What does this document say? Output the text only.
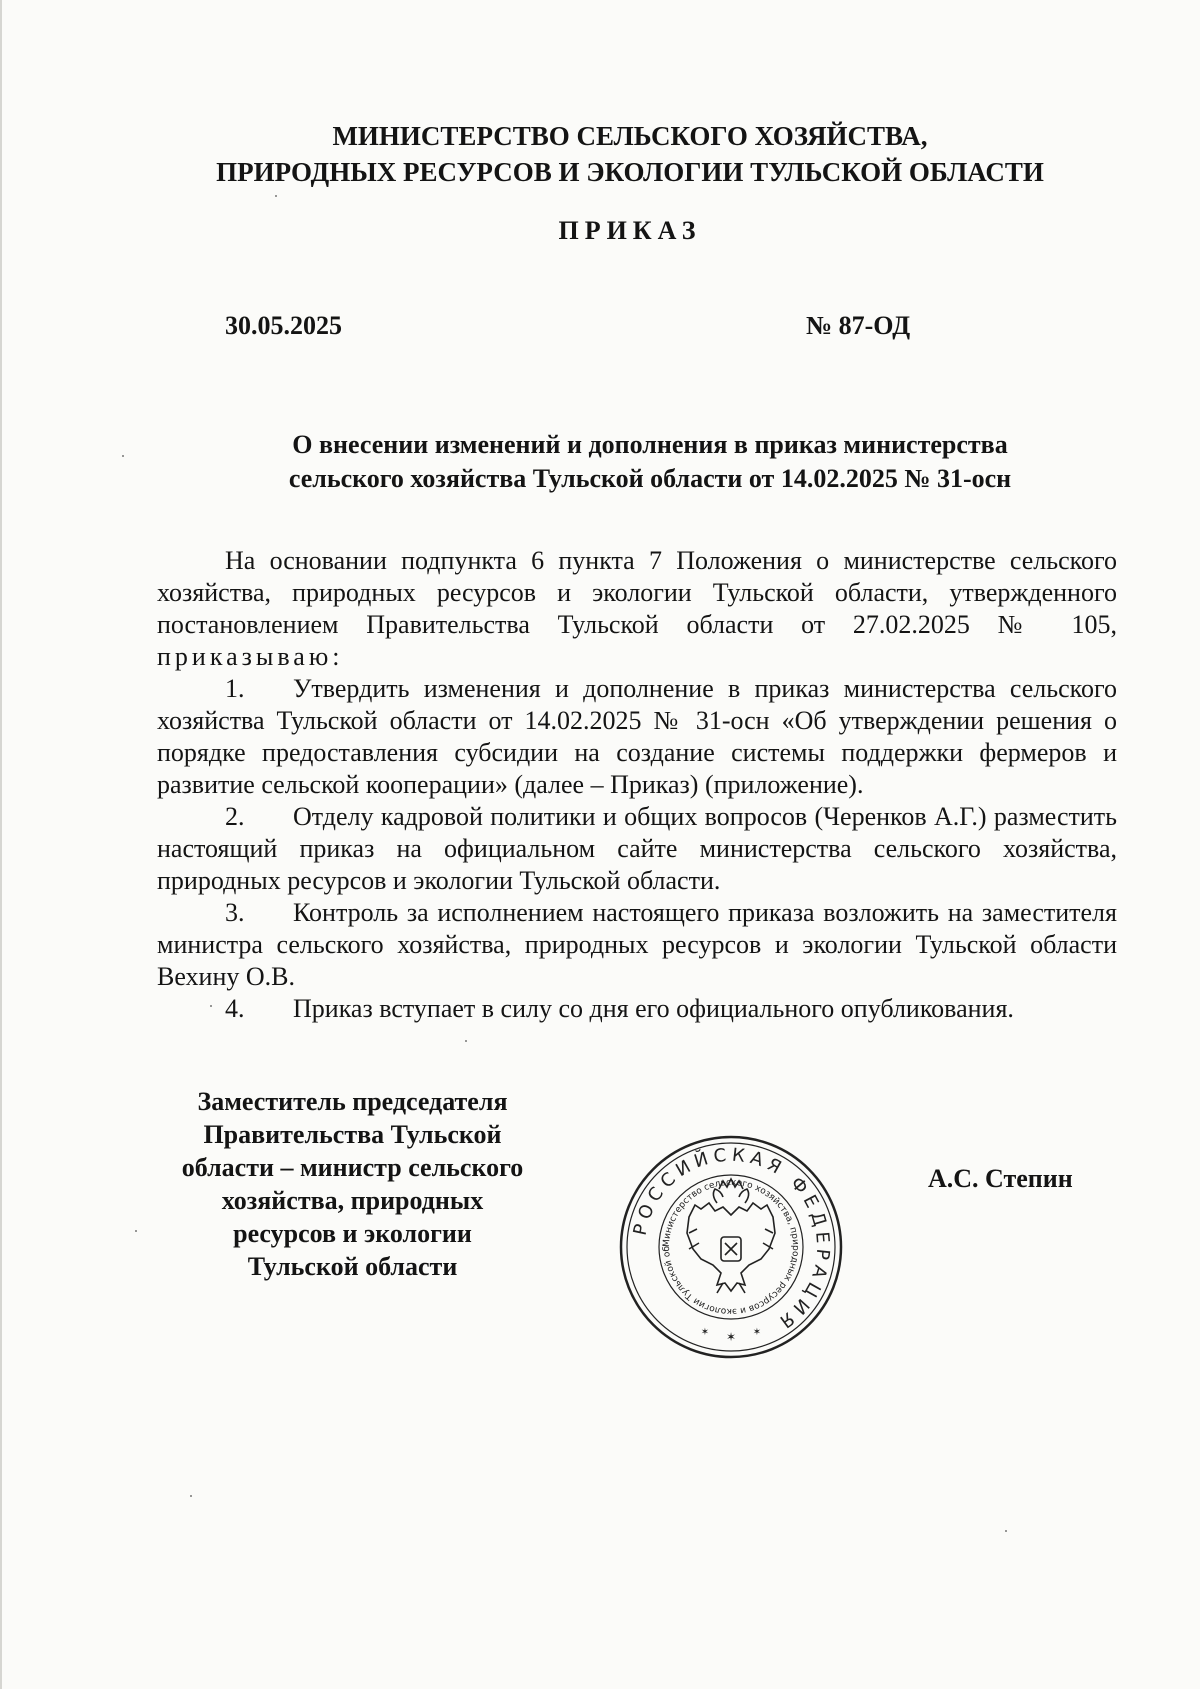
МИНИСТЕРСТВО СЕЛЬСКОГО ХОЗЯЙСТВА,
ПРИРОДНЫХ РЕСУРСОВ И ЭКОЛОГИИ ТУЛЬСКОЙ ОБЛАСТИ
ПРИКАЗ
30.05.2025	№ 87-ОД
О внесении изменений и дополнения в приказ министерства
сельского хозяйства Тульской области от 14.02.2025 № 31-осн

На основании подпункта 6 пункта 7 Положения о министерстве сельского хозяйства, природных ресурсов и экологии Тульской области, утвержденного постановлением Правительства Тульской области от 27.02.2025 № 105, приказываю:

1. Утвердить изменения и дополнение в приказ министерства сельского хозяйства Тульской области от 14.02.2025 № 31-осн «Об утверждении решения о порядке предоставления субсидии на создание системы поддержки фермеров и развитие сельской кооперации» (далее – Приказ) (приложение).

2. Отделу кадровой политики и общих вопросов (Черенков А.Г.) разместить настоящий приказ на официальном сайте министерства сельского хозяйства, природных ресурсов и экологии Тульской области.

3. Контроль за исполнением настоящего приказа возложить на заместителя министра сельского хозяйства, природных ресурсов и экологии Тульской области Вехину О.В.

4. Приказ вступает в силу со дня его официального опубликования.

Заместитель председателя
Правительства Тульской
области – министр сельского
хозяйства, природных
ресурсов и экологии
Тульской области
РОССИЙСКАЯ ФЕДЕРАЦИЯ
Министерство сельского хозяйства, природных ресурсов и экологии Тульской об
✶
✶	✶
А.С. Степин
